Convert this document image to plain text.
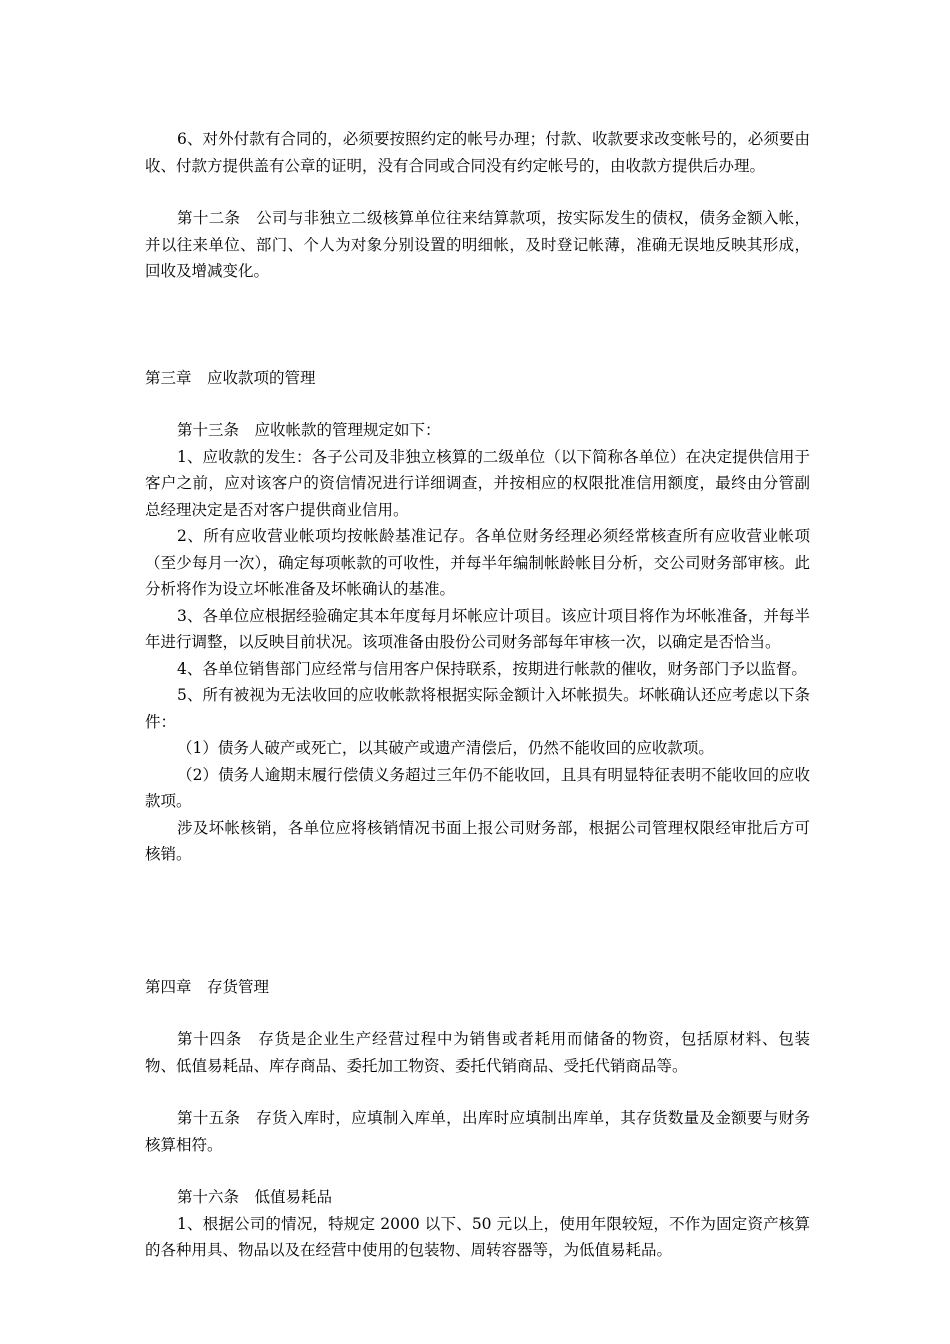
6、对外付款有合同的，必须要按照约定的帐号办理；付款、收款要求改变帐号的，必须要由收、付款方提供盖有公章的证明，没有合同或合同没有约定帐号的，由收款方提供后办理。

第十二条　公司与非独立二级核算单位往来结算款项，按实际发生的债权，债务金额入帐，并以往来单位、部门、个人为对象分别设置的明细帐，及时登记帐薄，准确无误地反映其形成，回收及增减变化。

第三章　应收款项的管理

第十三条　应收帐款的管理规定如下：

1、应收款的发生：各子公司及非独立核算的二级单位（以下简称各单位）在决定提供信用于客户之前，应对该客户的资信情况进行详细调查，并按相应的权限批准信用额度，最终由分管副总经理决定是否对客户提供商业信用。

2、所有应收营业帐项均按帐龄基准记存。各单位财务经理必须经常核查所有应收营业帐项（至少每月一次），确定每项帐款的可收性，并每半年编制帐龄帐目分析，交公司财务部审核。此分析将作为设立坏帐准备及坏帐确认的基准。

3、各单位应根据经验确定其本年度每月坏帐应计项目。该应计项目将作为坏帐准备，并每半年进行调整，以反映目前状况。该项准备由股份公司财务部每年审核一次，以确定是否恰当。

4、各单位销售部门应经常与信用客户保持联系，按期进行帐款的催收，财务部门予以监督。

5、所有被视为无法收回的应收帐款将根据实际金额计入坏帐损失。坏帐确认还应考虑以下条件：

（1）债务人破产或死亡，以其破产或遗产清偿后，仍然不能收回的应收款项。

（2）债务人逾期末履行偿债义务超过三年仍不能收回，且具有明显特征表明不能收回的应收款项。

涉及坏帐核销，各单位应将核销情况书面上报公司财务部，根据公司管理权限经审批后方可核销。

第四章　存货管理

第十四条　存货是企业生产经营过程中为销售或者耗用而储备的物资，包括原材料、包装物、低值易耗品、库存商品、委托加工物资、委托代销商品、受托代销商品等。

第十五条　存货入库时，应填制入库单，出库时应填制出库单，其存货数量及金额要与财务核算相符。

第十六条　低值易耗品

1、根据公司的情况，特规定 2000 以下、50 元以上，使用年限较短，不作为固定资产核算的各种用具、物品以及在经营中使用的包装物、周转容器等，为低值易耗品。
